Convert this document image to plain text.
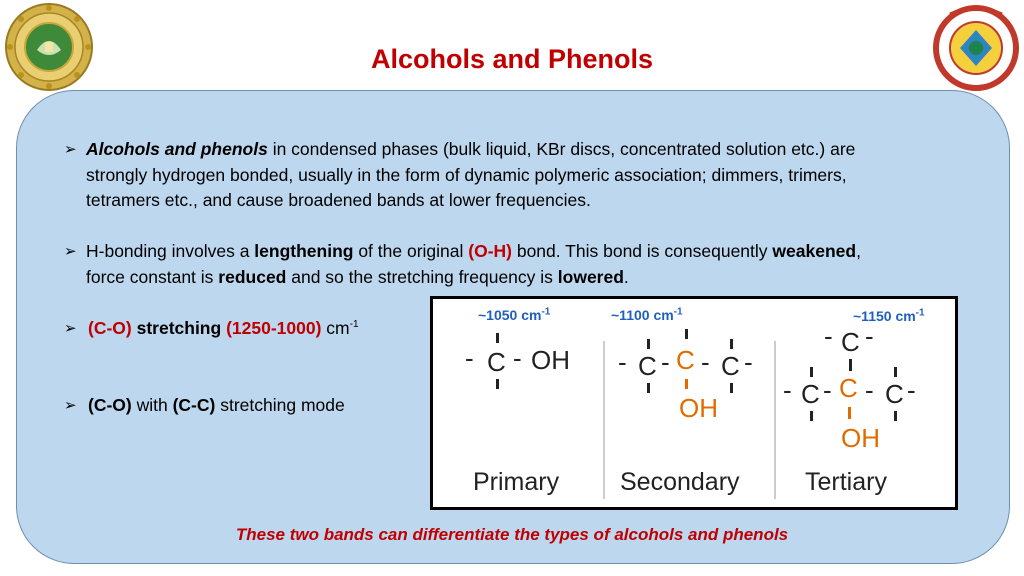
Alcohols and Phenols
➢ Alcohols and phenols in condensed phases (bulk liquid, KBr discs, concentrated solution etc.) are
strongly hydrogen bonded, usually in the form of dynamic polymeric association; dimmers, trimers,
tetramers etc., and cause broadened bands at lower frequencies.
➢ H-bonding involves a lengthening of the original (O-H) bond. This bond is consequently weakened,
force constant is reduced and so the stretching frequency is lowered.
➢ (C-O) stretching (1250-1000) $cm^{-1}$
➢ (C-O) with (C-C) stretching mode
- C - OH - C - C - C -
OH
- C -
- C - C - C -
OH
Primary Secondary	Tertiary
~1050 $cm^{-1}$	~1100 $cm^{-1}$	~1150 $cm^{-1}$
These two bands can differentiate the types of alcohols and phenols
